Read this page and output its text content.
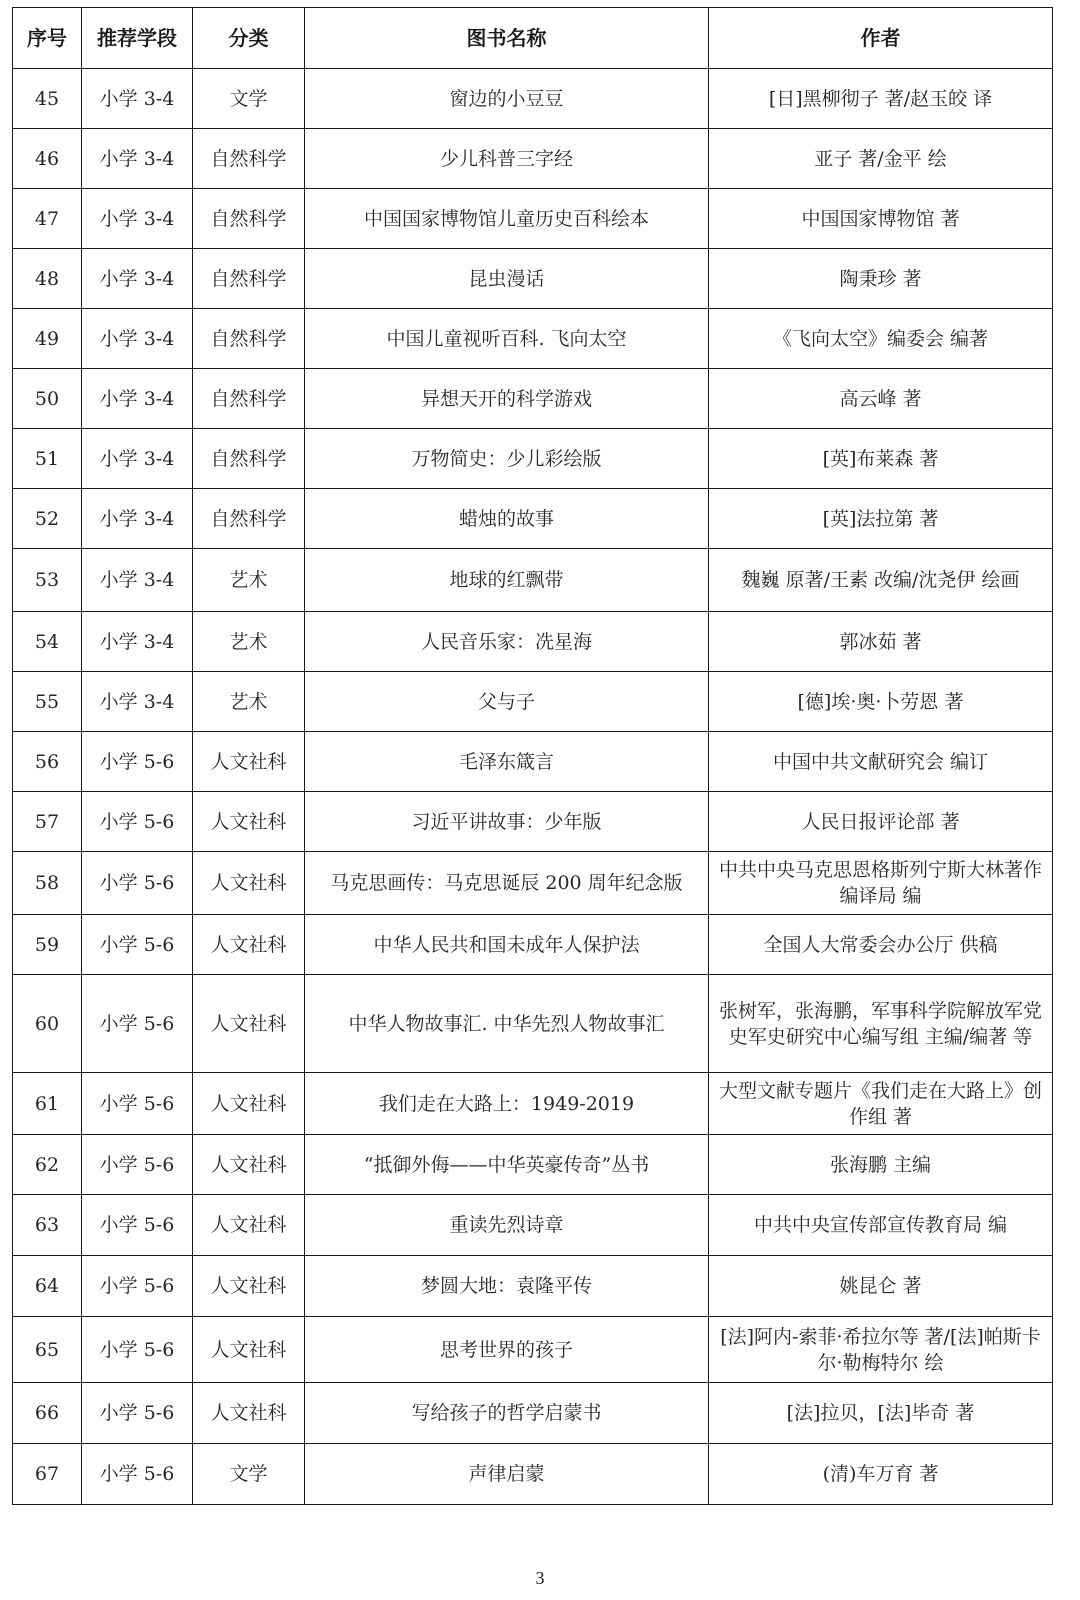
序号	推荐学段	分类	图书名称	作者
45	小学 3-4	文学	窗边的小豆豆	[日]黑柳彻子 著/赵玉皎 译
46	小学 3-4	自然科学	少儿科普三字经	亚子 著/金平 绘
47	小学 3-4	自然科学	中国国家博物馆儿童历史百科绘本	中国国家博物馆 著
48	小学 3-4	自然科学	昆虫漫话	陶秉珍 著
49	小学 3-4	自然科学	中国儿童视听百科. 飞向太空	《飞向太空》编委会 编著
50	小学 3-4	自然科学	异想天开的科学游戏	高云峰 著
51	小学 3-4	自然科学	万物简史：少儿彩绘版	[英]布莱森 著
52	小学 3-4	自然科学	蜡烛的故事	[英]法拉第 著
53	小学 3-4	艺术	地球的红飘带	魏巍 原著/王素 改编/沈尧伊 绘画
54	小学 3-4	艺术	人民音乐家：冼星海	郭冰茹 著
55	小学 3-4	艺术	父与子	[德]埃·奥·卜劳恩 著
56	小学 5-6	人文社科	毛泽东箴言	中国中共文献研究会 编订
57	小学 5-6	人文社科	习近平讲故事：少年版	人民日报评论部 著
58	小学 5-6	人文社科	马克思画传：马克思诞辰 200 周年纪念版	中共中央马克思恩格斯列宁斯大林著作编译局 编
59	小学 5-6	人文社科	中华人民共和国未成年人保护法	全国人大常委会办公厅 供稿
60	小学 5-6	人文社科	中华人物故事汇. 中华先烈人物故事汇	张树军，张海鹏，军事科学院解放军党史军史研究中心编写组 主编/编著 等
61	小学 5-6	人文社科	我们走在大路上：1949-2019	大型文献专题片《我们走在大路上》创作组 著
62	小学 5-6	人文社科	“抵御外侮——中华英豪传奇”丛书	张海鹏 主编
63	小学 5-6	人文社科	重读先烈诗章	中共中央宣传部宣传教育局 编
64	小学 5-6	人文社科	梦圆大地：袁隆平传	姚昆仑 著
65	小学 5-6	人文社科	思考世界的孩子	[法]阿内-索菲·希拉尔等 著/[法]帕斯卡尔·勒梅特尔 绘
66	小学 5-6	人文社科	写给孩子的哲学启蒙书	[法]拉贝，[法]毕奇 著
67	小学 5-6	文学	声律启蒙	(清)车万育 著
3
